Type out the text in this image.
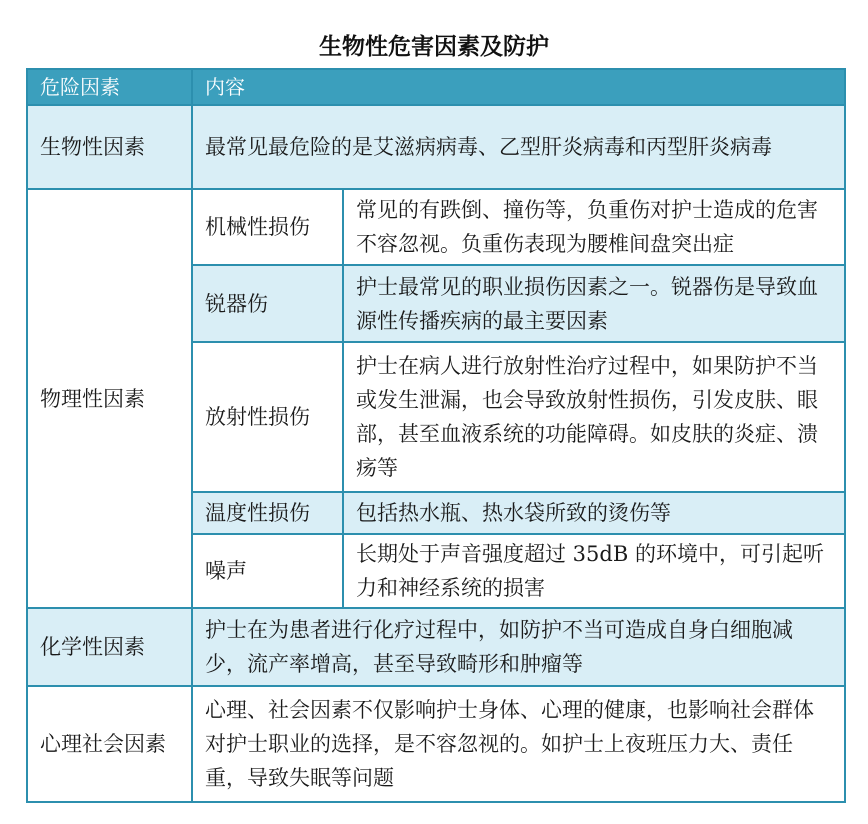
生物性危害因素及防护
危险因素	内容	
生物性因素	最常见最危险的是艾滋病病毒、乙型肝炎病毒和丙型肝炎病毒	
物理性因素	机械性损伤	常见的有跌倒、撞伤等，负重伤对护士造成的危害不容忽视。负重伤表现为腰椎间盘突出症
	锐器伤	护士最常见的职业损伤因素之一。锐器伤是导致血源性传播疾病的最主要因素
	放射性损伤	护士在病人进行放射性治疗过程中，如果防护不当或发生泄漏，也会导致放射性损伤，引发皮肤、眼部，甚至血液系统的功能障碍。如皮肤的炎症、溃疡等
	温度性损伤	包括热水瓶、热水袋所致的烫伤等
	噪声	长期处于声音强度超过 35dB 的环境中，可引起听力和神经系统的损害
化学性因素	护士在为患者进行化疗过程中，如防护不当可造成自身白细胞减少，流产率增高，甚至导致畸形和肿瘤等	
心理社会因素	心理、社会因素不仅影响护士身体、心理的健康，也影响社会群体对护士职业的选择，是不容忽视的。如护士上夜班压力大、责任重，导致失眠等问题	
